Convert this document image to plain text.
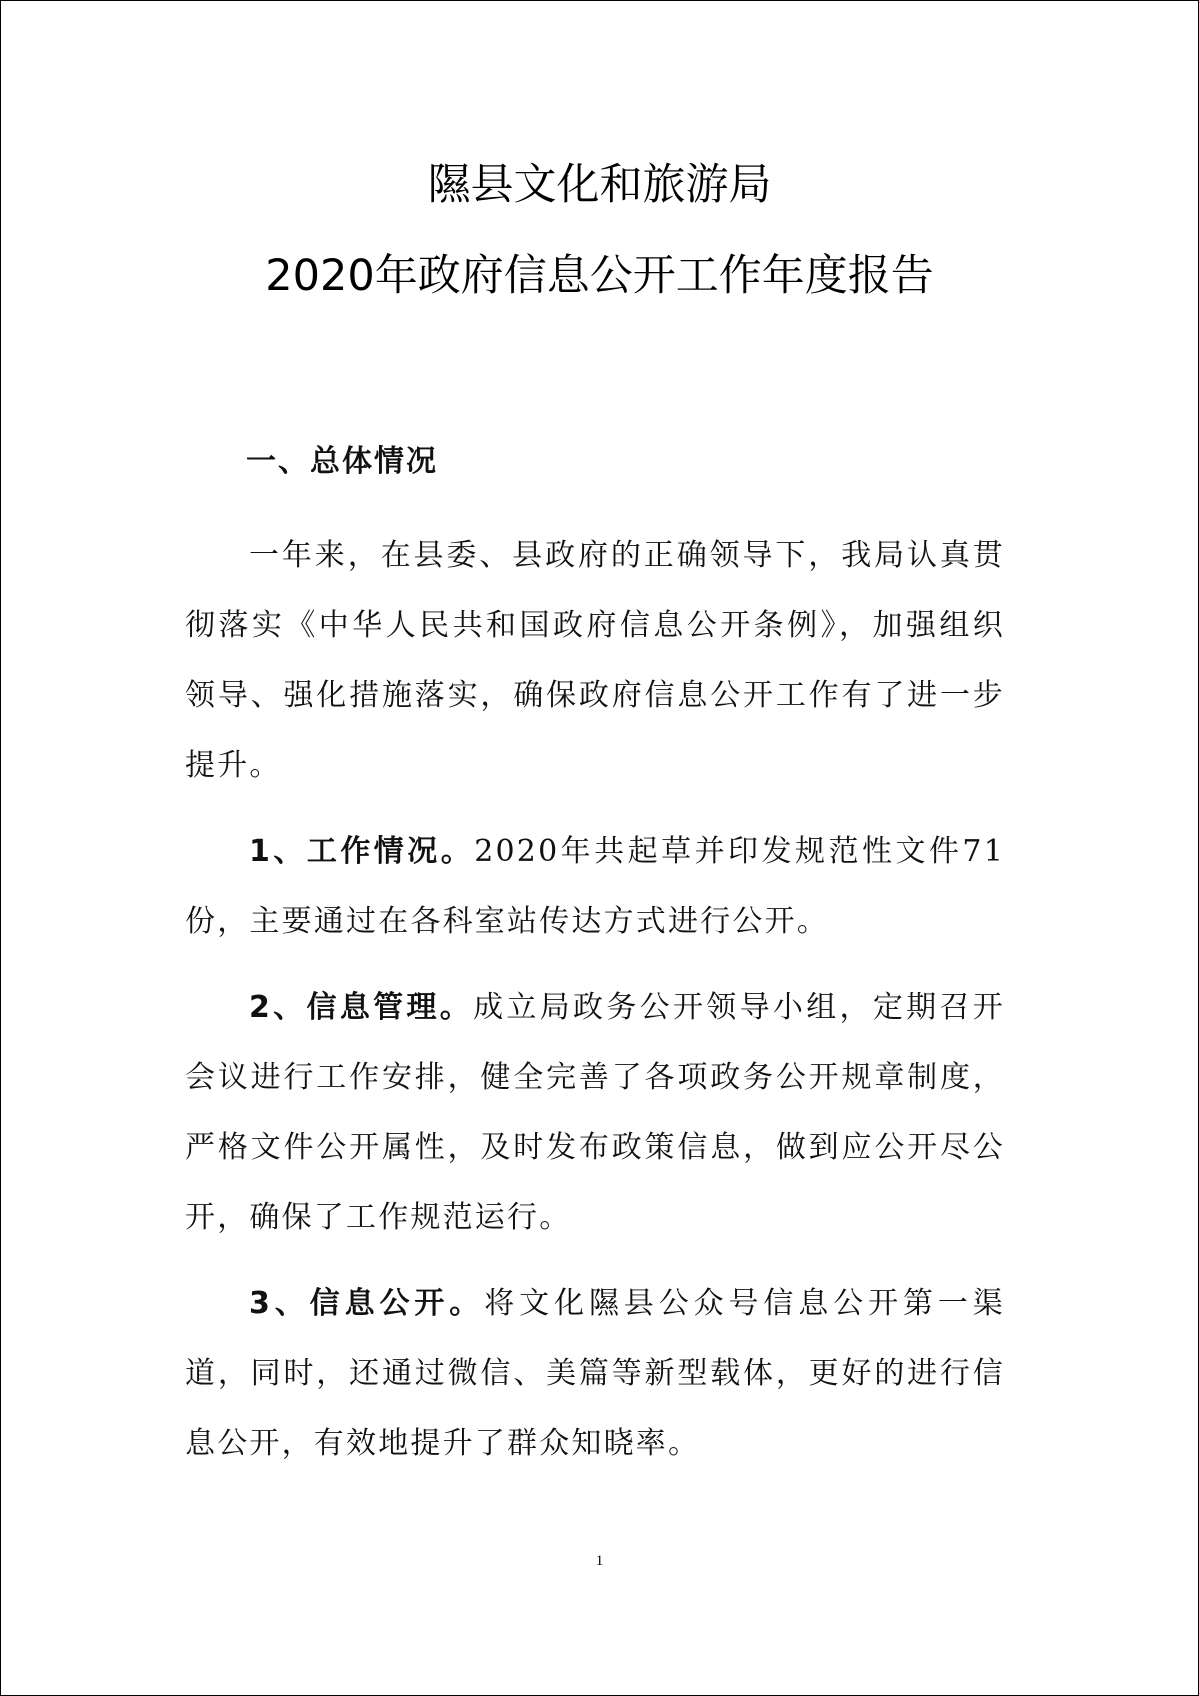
隰县文化和旅游局
2020年政府信息公开工作年度报告

一、总体情况

一年来，在县委、县政府的正确领导下，我局认真贯彻落实《中华人民共和国政府信息公开条例》，加强组织领导、强化措施落实，确保政府信息公开工作有了进一步提升。

1、工作情况。2020年共起草并印发规范性文件71份，主要通过在各科室站传达方式进行公开。

2、信息管理。成立局政务公开领导小组，定期召开会议进行工作安排，健全完善了各项政务公开规章制度，严格文件公开属性，及时发布政策信息，做到应公开尽公开，确保了工作规范运行。

3、信息公开。将文化隰县公众号信息公开第一渠道，同时，还通过微信、美篇等新型载体，更好的进行信息公开，有效地提升了群众知晓率。

1
